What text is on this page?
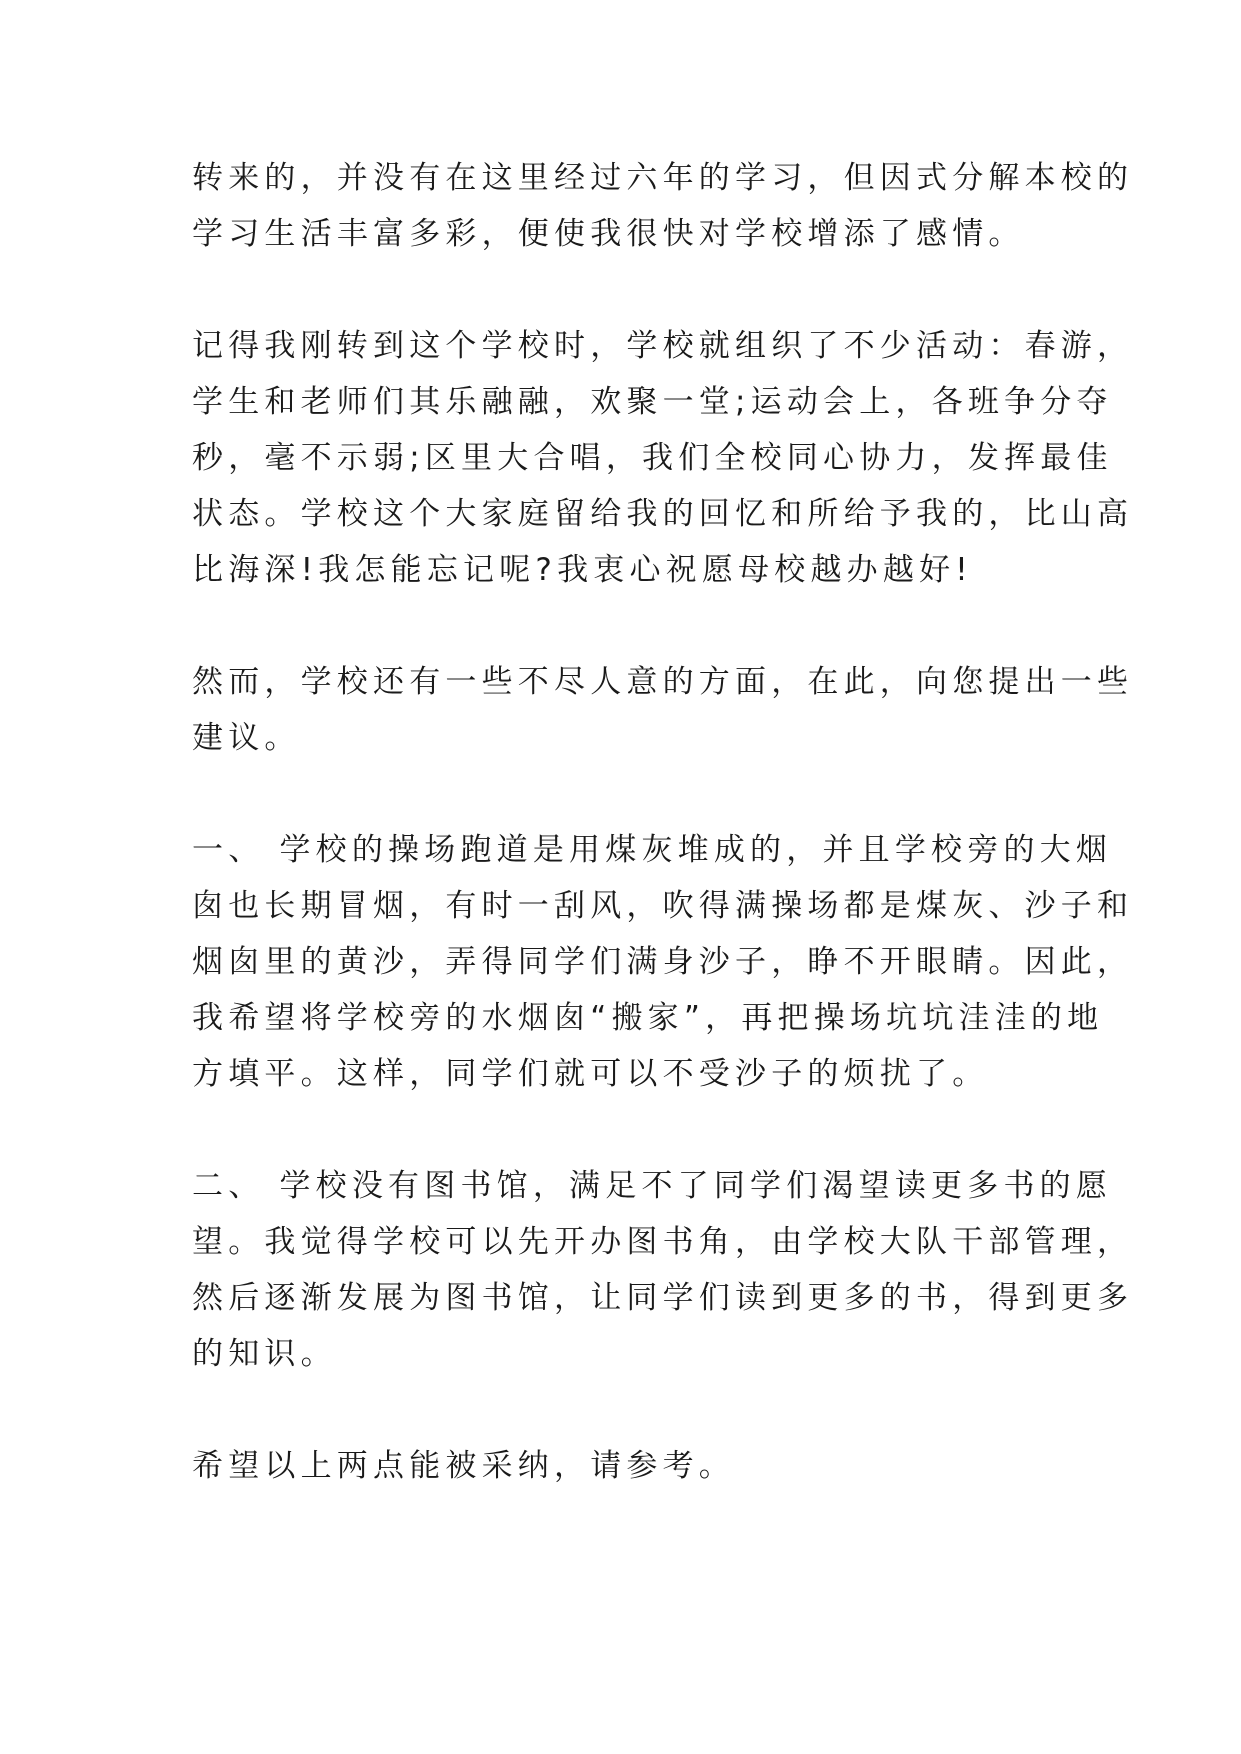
转来的，并没有在这里经过六年的学习，但因式分解本校的
学习生活丰富多彩，便使我很快对学校增添了感情。

记得我刚转到这个学校时，学校就组织了不少活动：春游，
学生和老师们其乐融融，欢聚一堂;运动会上，各班争分夺
秒，毫不示弱;区里大合唱，我们全校同心协力，发挥最佳
状态。学校这个大家庭留给我的回忆和所给予我的，比山高
比海深!我怎能忘记呢?我衷心祝愿母校越办越好!

然而，学校还有一些不尽人意的方面，在此，向您提出一些
建议。

一、 学校的操场跑道是用煤灰堆成的，并且学校旁的大烟
囱也长期冒烟，有时一刮风，吹得满操场都是煤灰、沙子和
烟囱里的黄沙，弄得同学们满身沙子，睁不开眼睛。因此，
我希望将学校旁的水烟囱“搬家”，再把操场坑坑洼洼的地
方填平。这样，同学们就可以不受沙子的烦扰了。

二、 学校没有图书馆，满足不了同学们渴望读更多书的愿
望。我觉得学校可以先开办图书角，由学校大队干部管理，
然后逐渐发展为图书馆，让同学们读到更多的书，得到更多
的知识。

希望以上两点能被采纳，请参考。
